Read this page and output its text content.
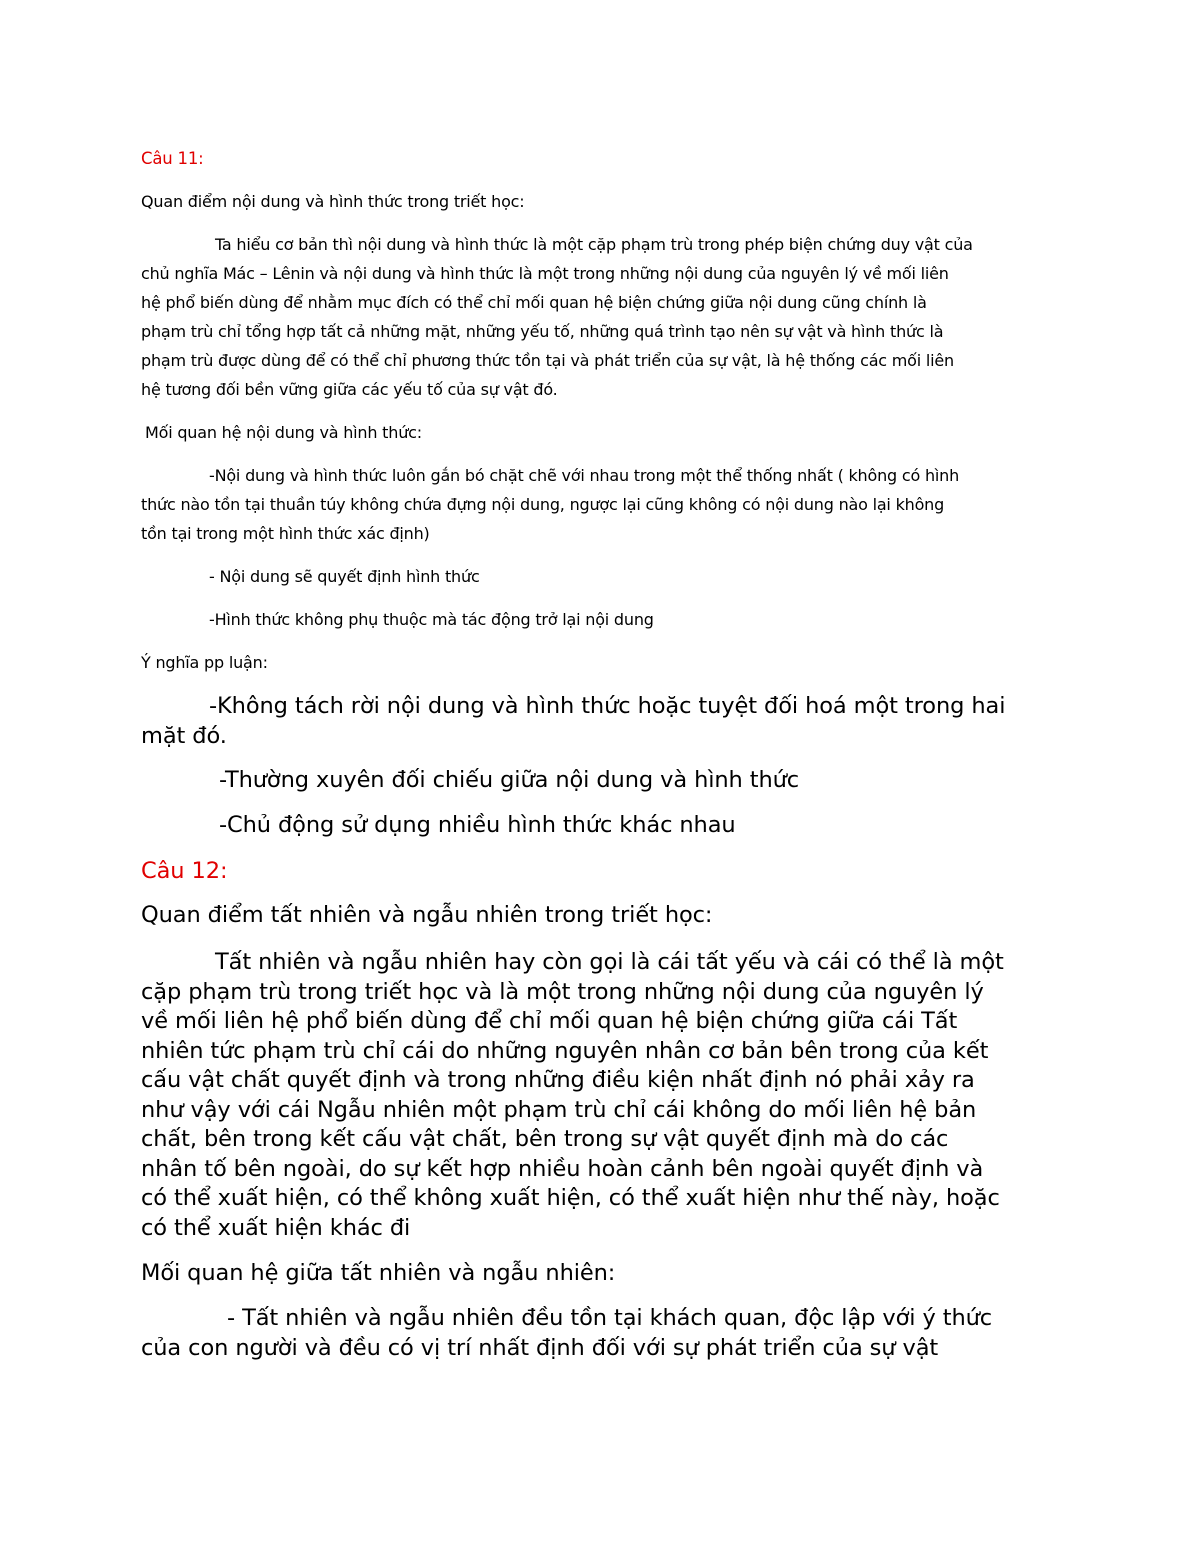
Câu 11:

Quan điểm nội dung và hình thức trong triết học:

Ta hiểu cơ bản thì nội dung và hình thức là một cặp phạm trù trong phép biện chứng duy vật của
chủ nghĩa Mác – Lênin và nội dung và hình thức là một trong những nội dung của nguyên lý về mối liên
hệ phổ biến dùng để nhằm mục đích có thể chỉ mối quan hệ biện chứng giữa nội dung cũng chính là
phạm trù chỉ tổng hợp tất cả những mặt, những yếu tố, những quá trình tạo nên sự vật và hình thức là
phạm trù được dùng để có thể chỉ phương thức tồn tại và phát triển của sự vật, là hệ thống các mối liên
hệ tương đối bền vững giữa các yếu tố của sự vật đó.

Mối quan hệ nội dung và hình thức:

-Nội dung và hình thức luôn gắn bó chặt chẽ với nhau trong một thể thống nhất ( không có hình
thức nào tồn tại thuần túy không chứa đựng nội dung, ngược lại cũng không có nội dung nào lại không
tồn tại trong một hình thức xác định)

- Nội dung sẽ quyết định hình thức

-Hình thức không phụ thuộc mà tác động trở lại nội dung

Ý nghĩa pp luận:

-Không tách rời nội dung và hình thức hoặc tuyệt đối hoá một trong hai
mặt đó.

-Thường xuyên đối chiếu giữa nội dung và hình thức

-Chủ động sử dụng nhiều hình thức khác nhau

Câu 12:

Quan điểm tất nhiên và ngẫu nhiên trong triết học:

Tất nhiên và ngẫu nhiên hay còn gọi là cái tất yếu và cái có thể là một
cặp phạm trù trong triết học và là một trong những nội dung của nguyên lý
về mối liên hệ phổ biến dùng để chỉ mối quan hệ biện chứng giữa cái Tất
nhiên tức phạm trù chỉ cái do những nguyên nhân cơ bản bên trong của kết
cấu vật chất quyết định và trong những điều kiện nhất định nó phải xảy ra
như vậy với cái Ngẫu nhiên một phạm trù chỉ cái không do mối liên hệ bản
chất, bên trong kết cấu vật chất, bên trong sự vật quyết định mà do các
nhân tố bên ngoài, do sự kết hợp nhiều hoàn cảnh bên ngoài quyết định và
có thể xuất hiện, có thể không xuất hiện, có thể xuất hiện như thế này, hoặc
có thể xuất hiện khác đi

Mối quan hệ giữa tất nhiên và ngẫu nhiên:

- Tất nhiên và ngẫu nhiên đều tồn tại khách quan, độc lập với ý thức
của con người và đều có vị trí nhất định đối với sự phát triển của sự vật
